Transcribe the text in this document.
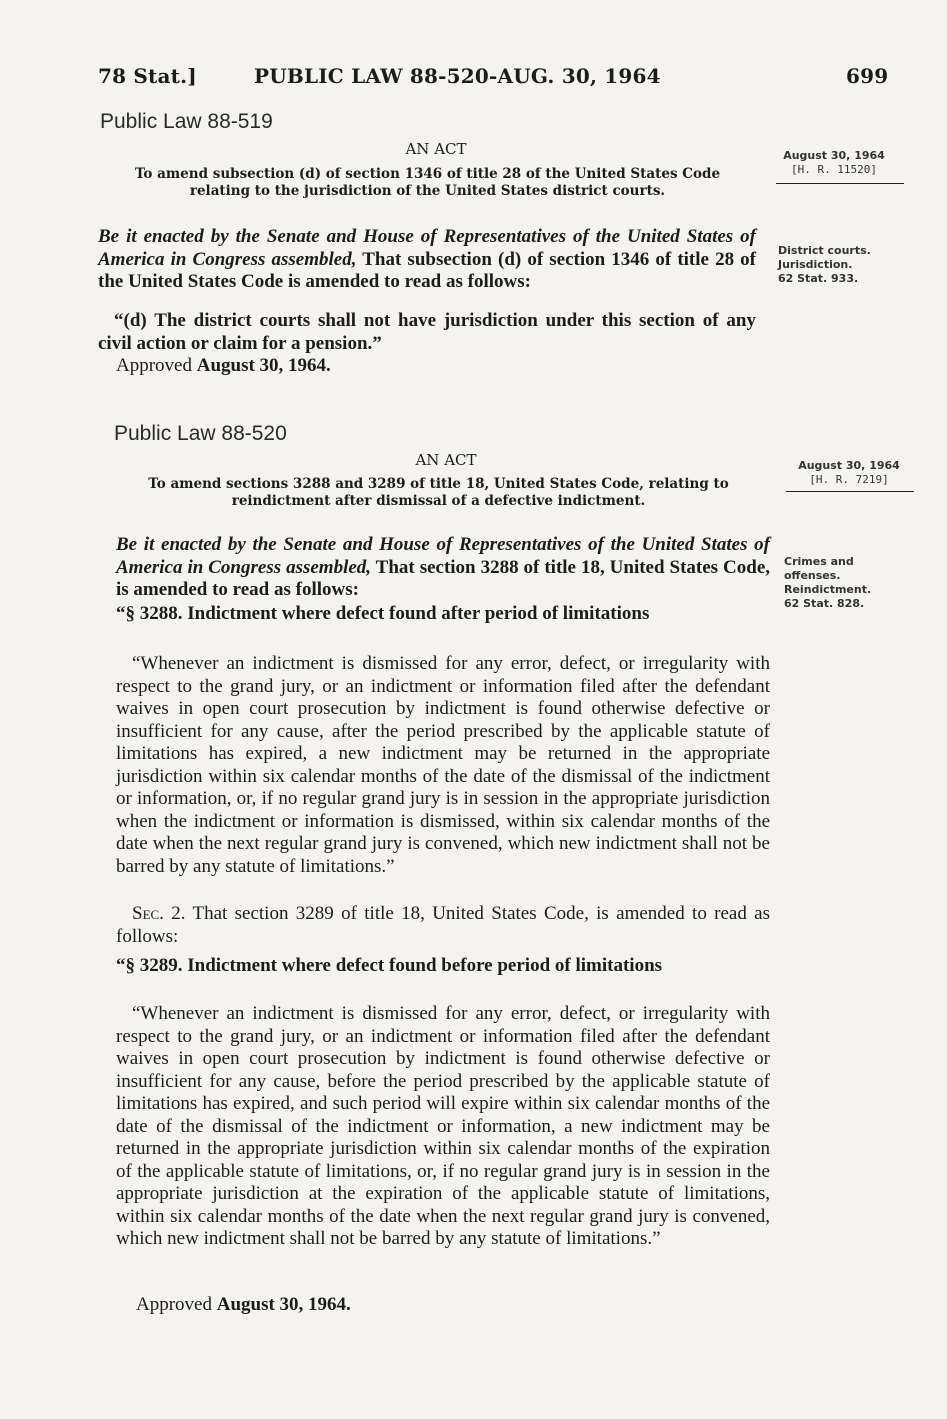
78 Stat.]	PUBLIC LAW 88-520-AUG. 30, 1964	699
Public Law 88-519
AN ACT
To amend subsection (d) of section 1346 of title 28 of the United States Code
relating to the jurisdiction of the United States district courts.
August 30, 1964
[H. R. 11520]
Be it enacted by the Senate and House of Representatives of the United States of America in Congress assembled, That subsection (d) of section 1346 of title 28 of the United States Code is amended to read as follows:
District courts.
Jurisdiction.
62 Stat. 933.
“(d) The district courts shall not have jurisdiction under this section of any civil action or claim for a pension.”
Approved August 30, 1964.
Public Law 88-520
AN ACT
To amend sections 3288 and 3289 of title 18, United States Code, relating to
reindictment after dismissal of a defective indictment.
August 30, 1964
[H. R. 7219]
Be it enacted by the Senate and House of Representatives of the United States of America in Congress assembled, That section 3288 of title 18, United States Code, is amended to read as follows:
Crimes and offenses.
Reindictment.
62 Stat. 828.
“§ 3288. Indictment where defect found after period of limitations

“Whenever an indictment is dismissed for any error, defect, or irregularity with respect to the grand jury, or an indictment or information filed after the defendant waives in open court prosecution by indictment is found otherwise defective or insufficient for any cause, after the period prescribed by the applicable statute of limitations has expired, a new indictment may be returned in the appropriate jurisdiction within six calendar months of the date of the dismissal of the indictment or information, or, if no regular grand jury is in session in the appropriate jurisdiction when the indictment or information is dismissed, within six calendar months of the date when the next regular grand jury is convened, which new indictment shall not be barred by any statute of limitations.”

Sec. 2. That section 3289 of title 18, United States Code, is amended to read as follows:

“§ 3289. Indictment where defect found before period of limitations

“Whenever an indictment is dismissed for any error, defect, or irregularity with respect to the grand jury, or an indictment or information filed after the defendant waives in open court prosecution by indictment is found otherwise defective or insufficient for any cause, before the period prescribed by the applicable statute of limitations has expired, and such period will expire within six calendar months of the date of the dismissal of the indictment or information, a new indictment may be returned in the appropriate jurisdiction within six calendar months of the expiration of the applicable statute of limitations, or, if no regular grand jury is in session in the appropriate jurisdiction at the expiration of the applicable statute of limitations, within six calendar months of the date when the next regular grand jury is convened, which new indictment shall not be barred by any statute of limitations.”

Approved August 30, 1964.
